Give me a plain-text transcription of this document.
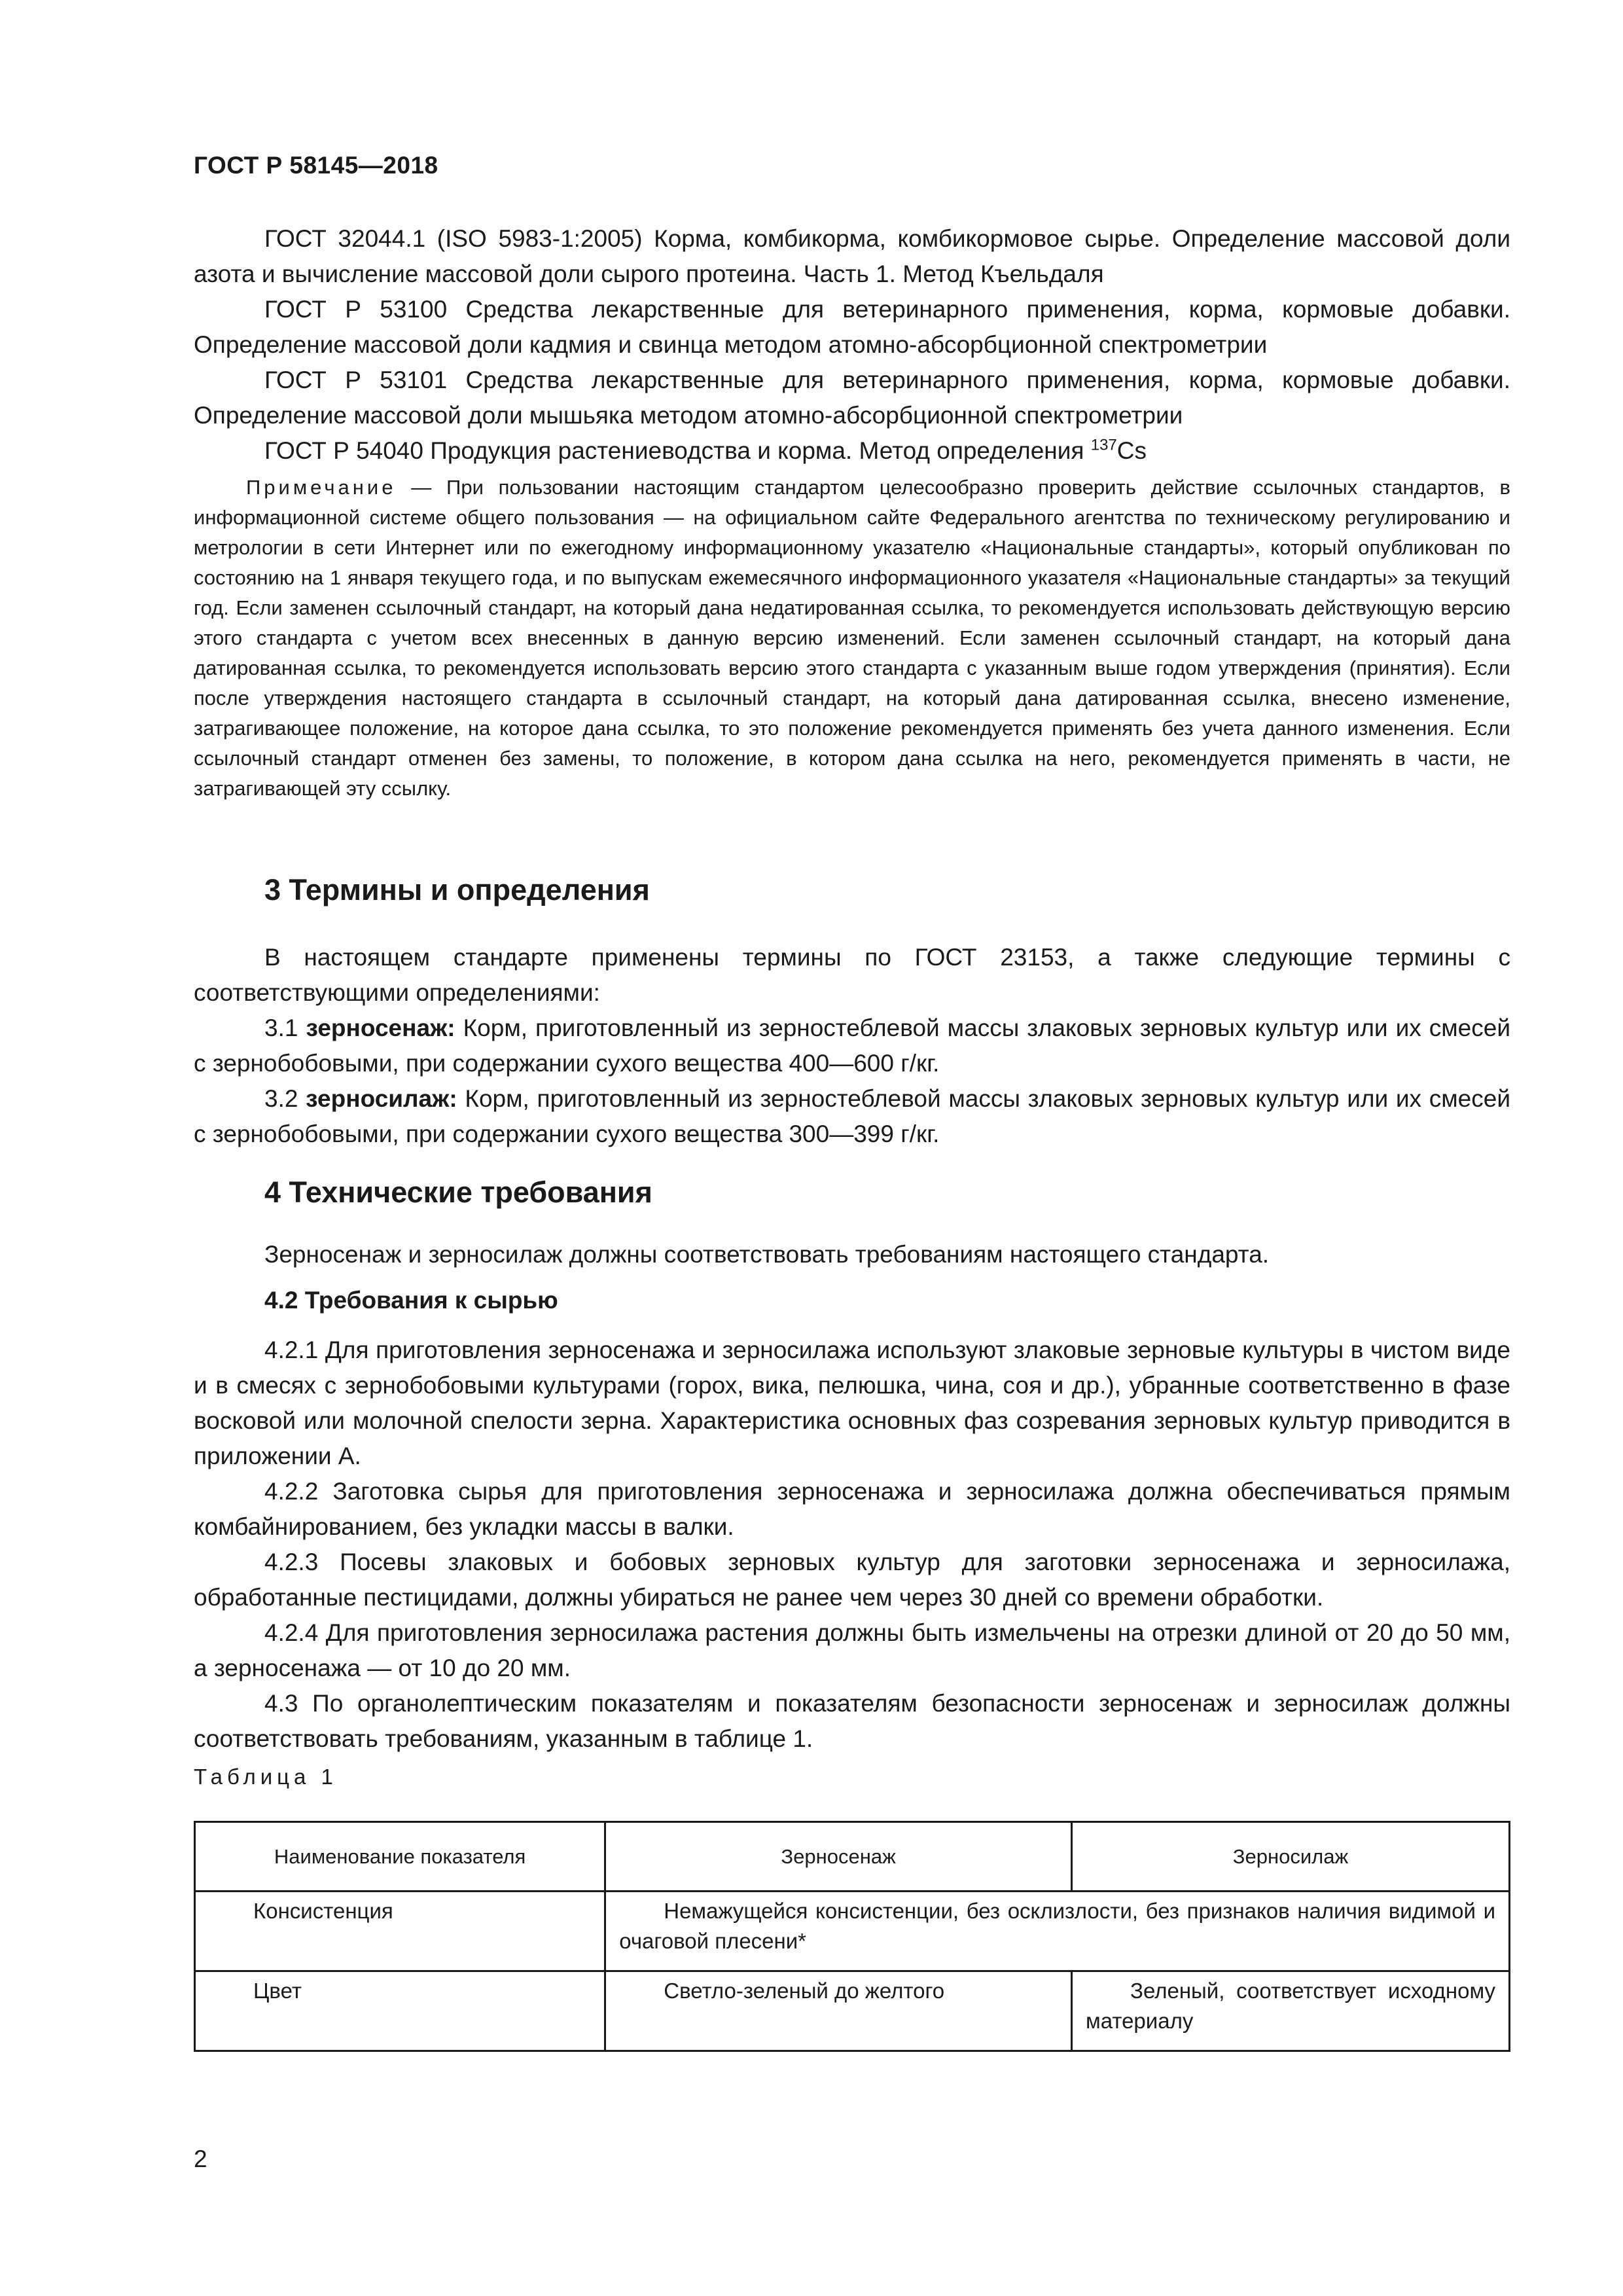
ГОСТ Р 58145—2018

ГОСТ 32044.1 (ISO 5983-1:2005) Корма, комбикорма, комбикормовое сырье. Определение массовой доли азота и вычисление массовой доли сырого протеина. Часть 1. Метод Къельдаля

ГОСТ Р 53100 Средства лекарственные для ветеринарного применения, корма, кормовые добавки. Определение массовой доли кадмия и свинца методом атомно-абсорбционной спектрометрии

ГОСТ Р 53101 Средства лекарственные для ветеринарного применения, корма, кормовые добавки. Определение массовой доли мышьяка методом атомно-абсорбционной спектрометрии

ГОСТ Р 54040 Продукция растениеводства и корма. Метод определения $^{137}$Cs

Примечание — При пользовании настоящим стандартом целесообразно проверить действие ссылочных стандартов, в информационной системе общего пользования — на официальном сайте Федерального агентства по техническому регулированию и метрологии в сети Интернет или по ежегодному информационному указателю «Национальные стандарты», который опубликован по состоянию на 1 января текущего года, и по выпускам ежемесячного информационного указателя «Национальные стандарты» за текущий год. Если заменен ссылочный стандарт, на который дана недатированная ссылка, то рекомендуется использовать действующую версию этого стандарта с учетом всех внесенных в данную версию изменений. Если заменен ссылочный стандарт, на который дана датированная ссылка, то рекомендуется использовать версию этого стандарта с указанным выше годом утверждения (принятия). Если после утверждения настоящего стандарта в ссылочный стандарт, на который дана датированная ссылка, внесено изменение, затрагивающее положение, на которое дана ссылка, то это положение рекомендуется применять без учета данного изменения. Если ссылочный стандарт отменен без замены, то положение, в котором дана ссылка на него, рекомендуется применять в части, не затрагивающей эту ссылку.

3 Термины и определения

В настоящем стандарте применены термины по ГОСТ 23153, а также следующие термины с соответствующими определениями:

3.1 зерносенаж: Корм, приготовленный из зерностеблевой массы злаковых зерновых культур или их смесей с зернобобовыми, при содержании сухого вещества 400—600 г/кг.

3.2 зерносилаж: Корм, приготовленный из зерностеблевой массы злаковых зерновых культур или их смесей с зернобобовыми, при содержании сухого вещества 300—399 г/кг.

4 Технические требования

Зерносенаж и зерносилаж должны соответствовать требованиям настоящего стандарта.

4.2 Требования к сырью

4.2.1 Для приготовления зерносенажа и зерносилажа используют злаковые зерновые культуры в чистом виде и в смесях с зернобобовыми культурами (горох, вика, пелюшка, чина, соя и др.), убранные соответственно в фазе восковой или молочной спелости зерна. Характеристика основных фаз созревания зерновых культур приводится в приложении А.

4.2.2 Заготовка сырья для приготовления зерносенажа и зерносилажа должна обеспечиваться прямым комбайнированием, без укладки массы в валки.

4.2.3 Посевы злаковых и бобовых зерновых культур для заготовки зерносенажа и зерносилажа, обработанные пестицидами, должны убираться не ранее чем через 30 дней со времени обработки.

4.2.4 Для приготовления зерносилажа растения должны быть измельчены на отрезки длиной от 20 до 50 мм, а зерносенажа — от 10 до 20 мм.

4.3 По органолептическим показателям и показателям безопасности зерносенаж и зерносилаж должны соответствовать требованиям, указанным в таблице 1.

Таблица 1
Наименование показателя	Зерносенаж	Зерносилаж
Консистенция	Немажущейся консистенции, без осклизлости, без признаков наличия видимой и очаговой плесени*	
Цвет	Светло-зеленый до желтого	Зеленый, соответствует исходному материалу
2
